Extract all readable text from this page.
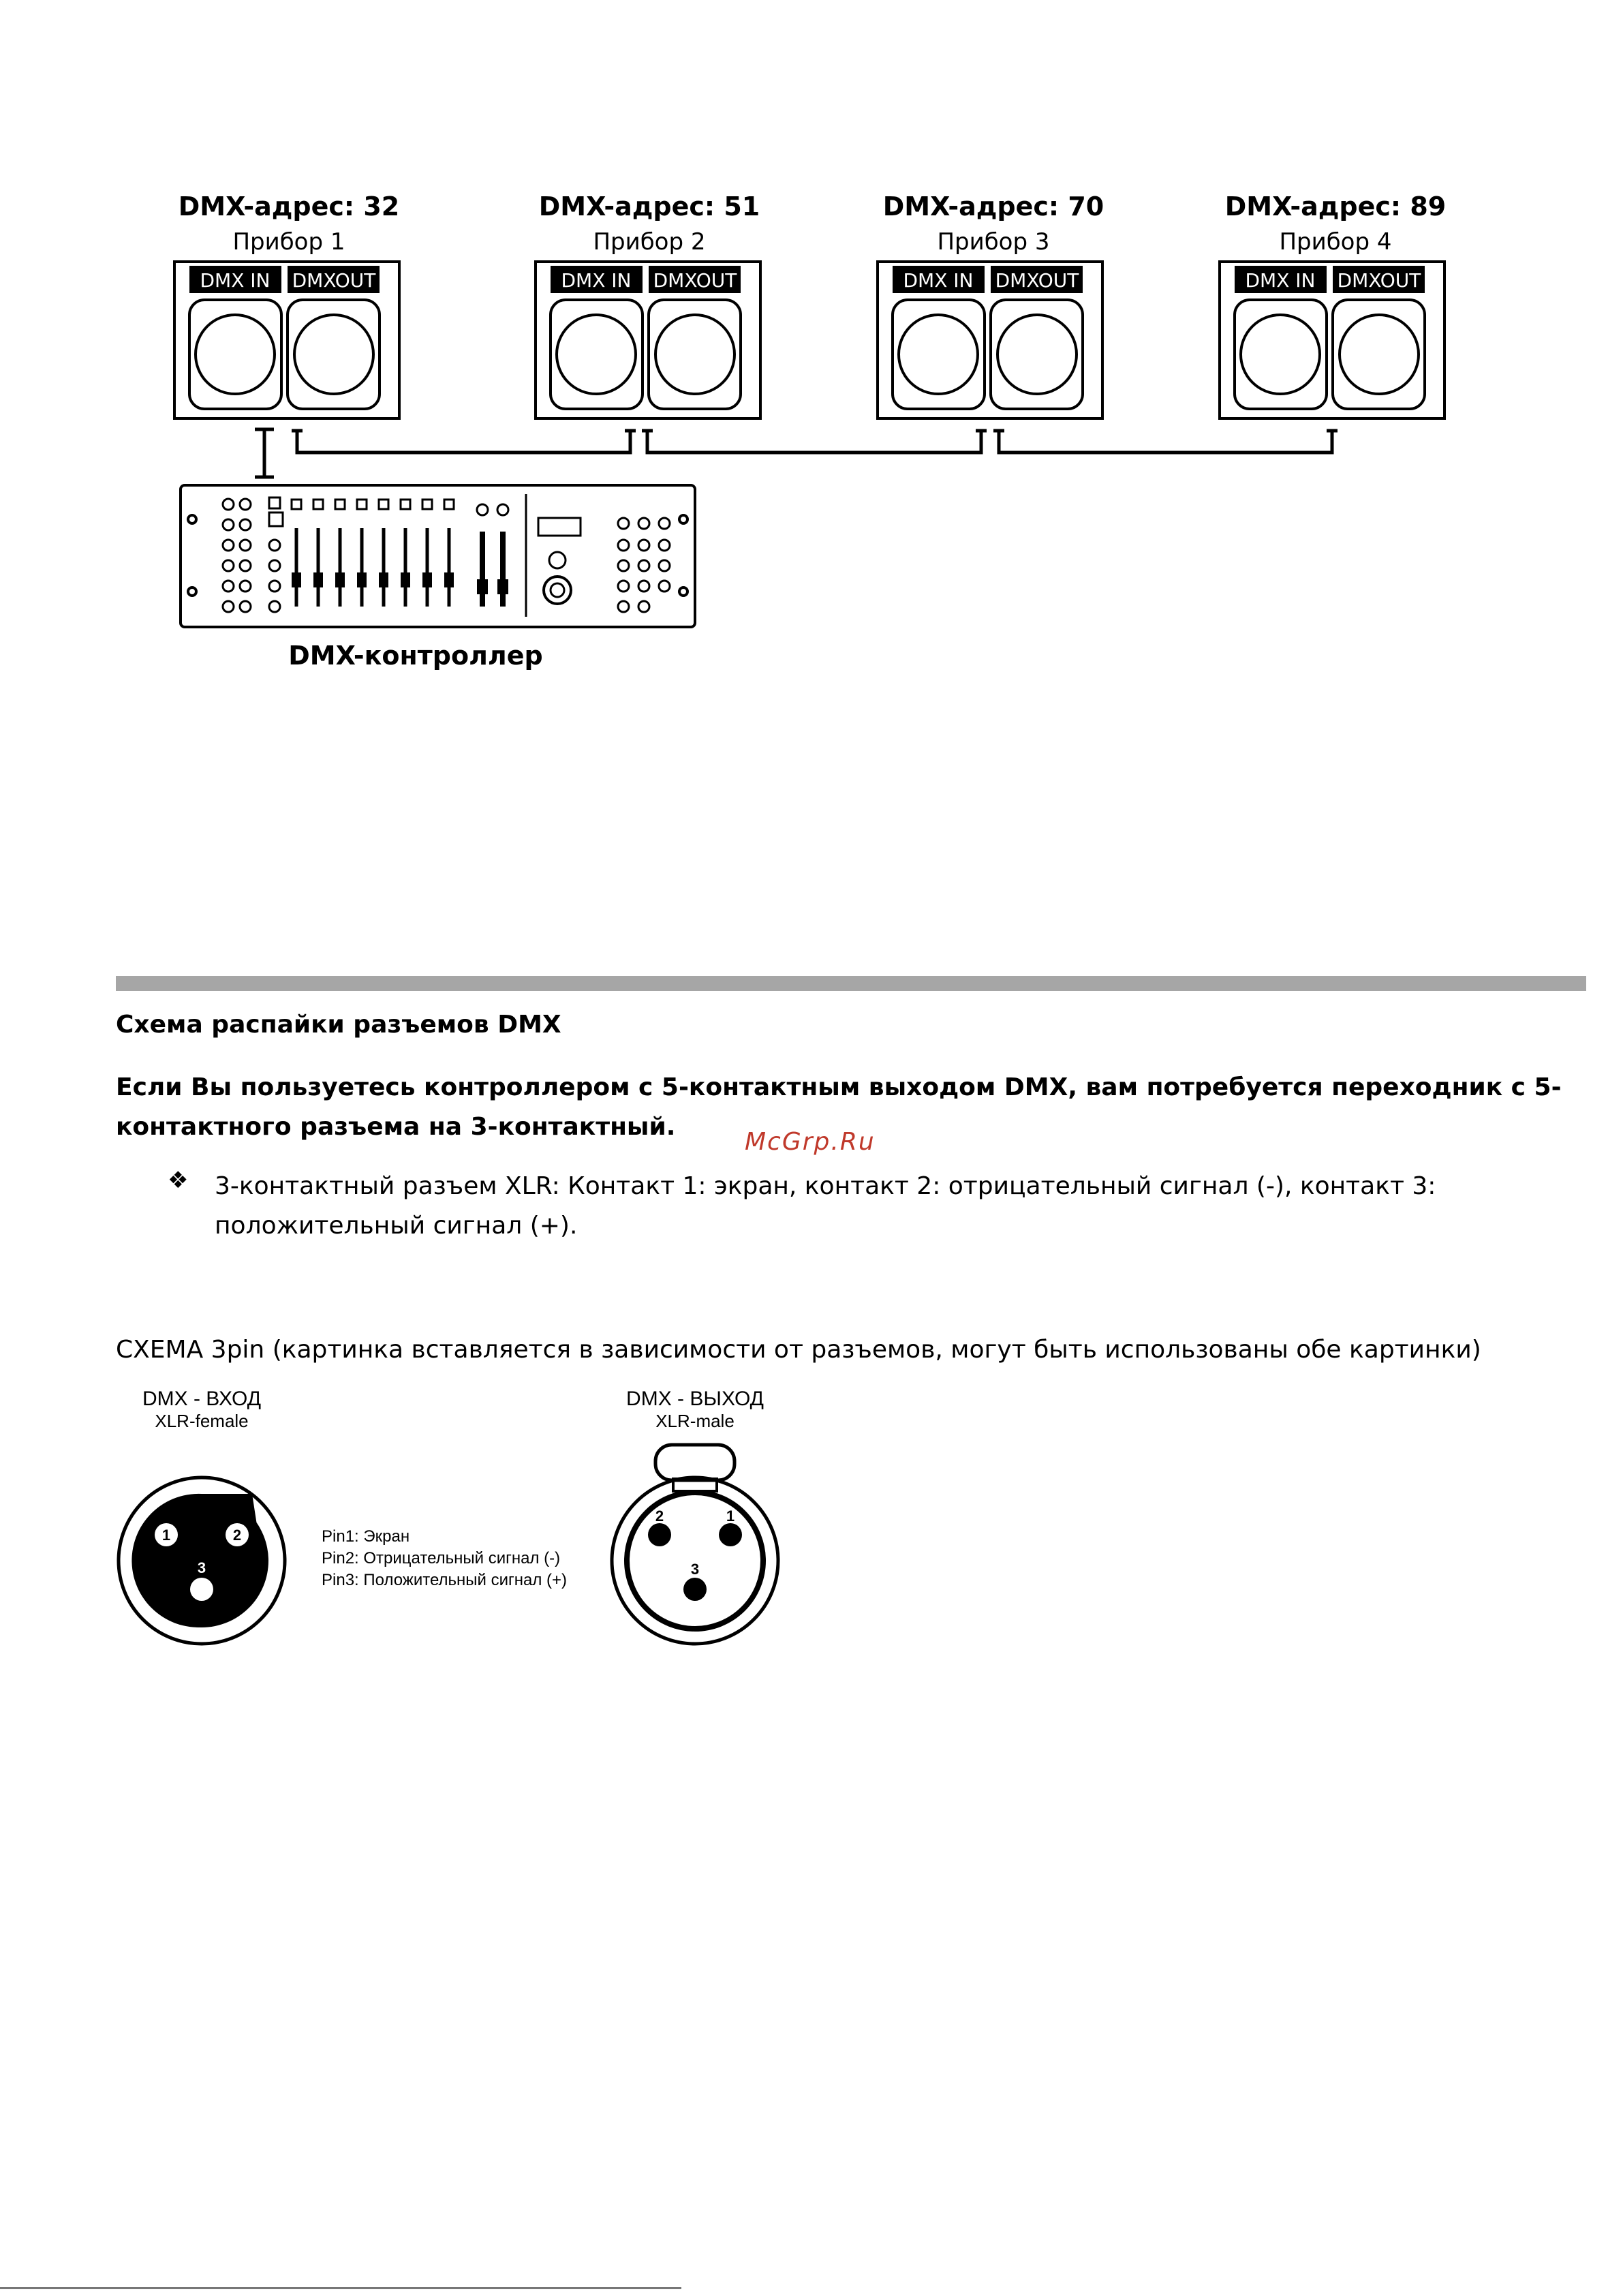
DMX-адрес: 32
Прибор 1
DMX IN DMXOUT
DMX-адрес: 51
Прибор 2
DMX IN DMXOUT
DMX-адрес: 70
Прибор 3
DMX IN DMXOUT
DMX-адрес: 89
Прибор 4
DMX IN DMXOUT
DMX-контроллер
Схема распайки разъемов DMX
Если Вы пользуетесь контроллером с 5-контактным выходом DMX, вам потребуется переходник с 5-
контактного разъема на 3-контактный.
McGrp.Ru
❖ 3-контактный разъем XLR: Контакт 1: экран, контакт 2: отрицательный сигнал (-), контакт 3:
положительный сигнал (+).
СХЕМА 3pin (картинка вставляется в зависимости от разъемов, могут быть использованы обе картинки)
DMX - ВХОД
XLR-female
1	2
3
Pin1: Экран
Pin2: Отрицательный сигнал (-)
Pin3: Положительный сигнал (+)
DMX - ВЫХОД
XLR-male
2	1
3
